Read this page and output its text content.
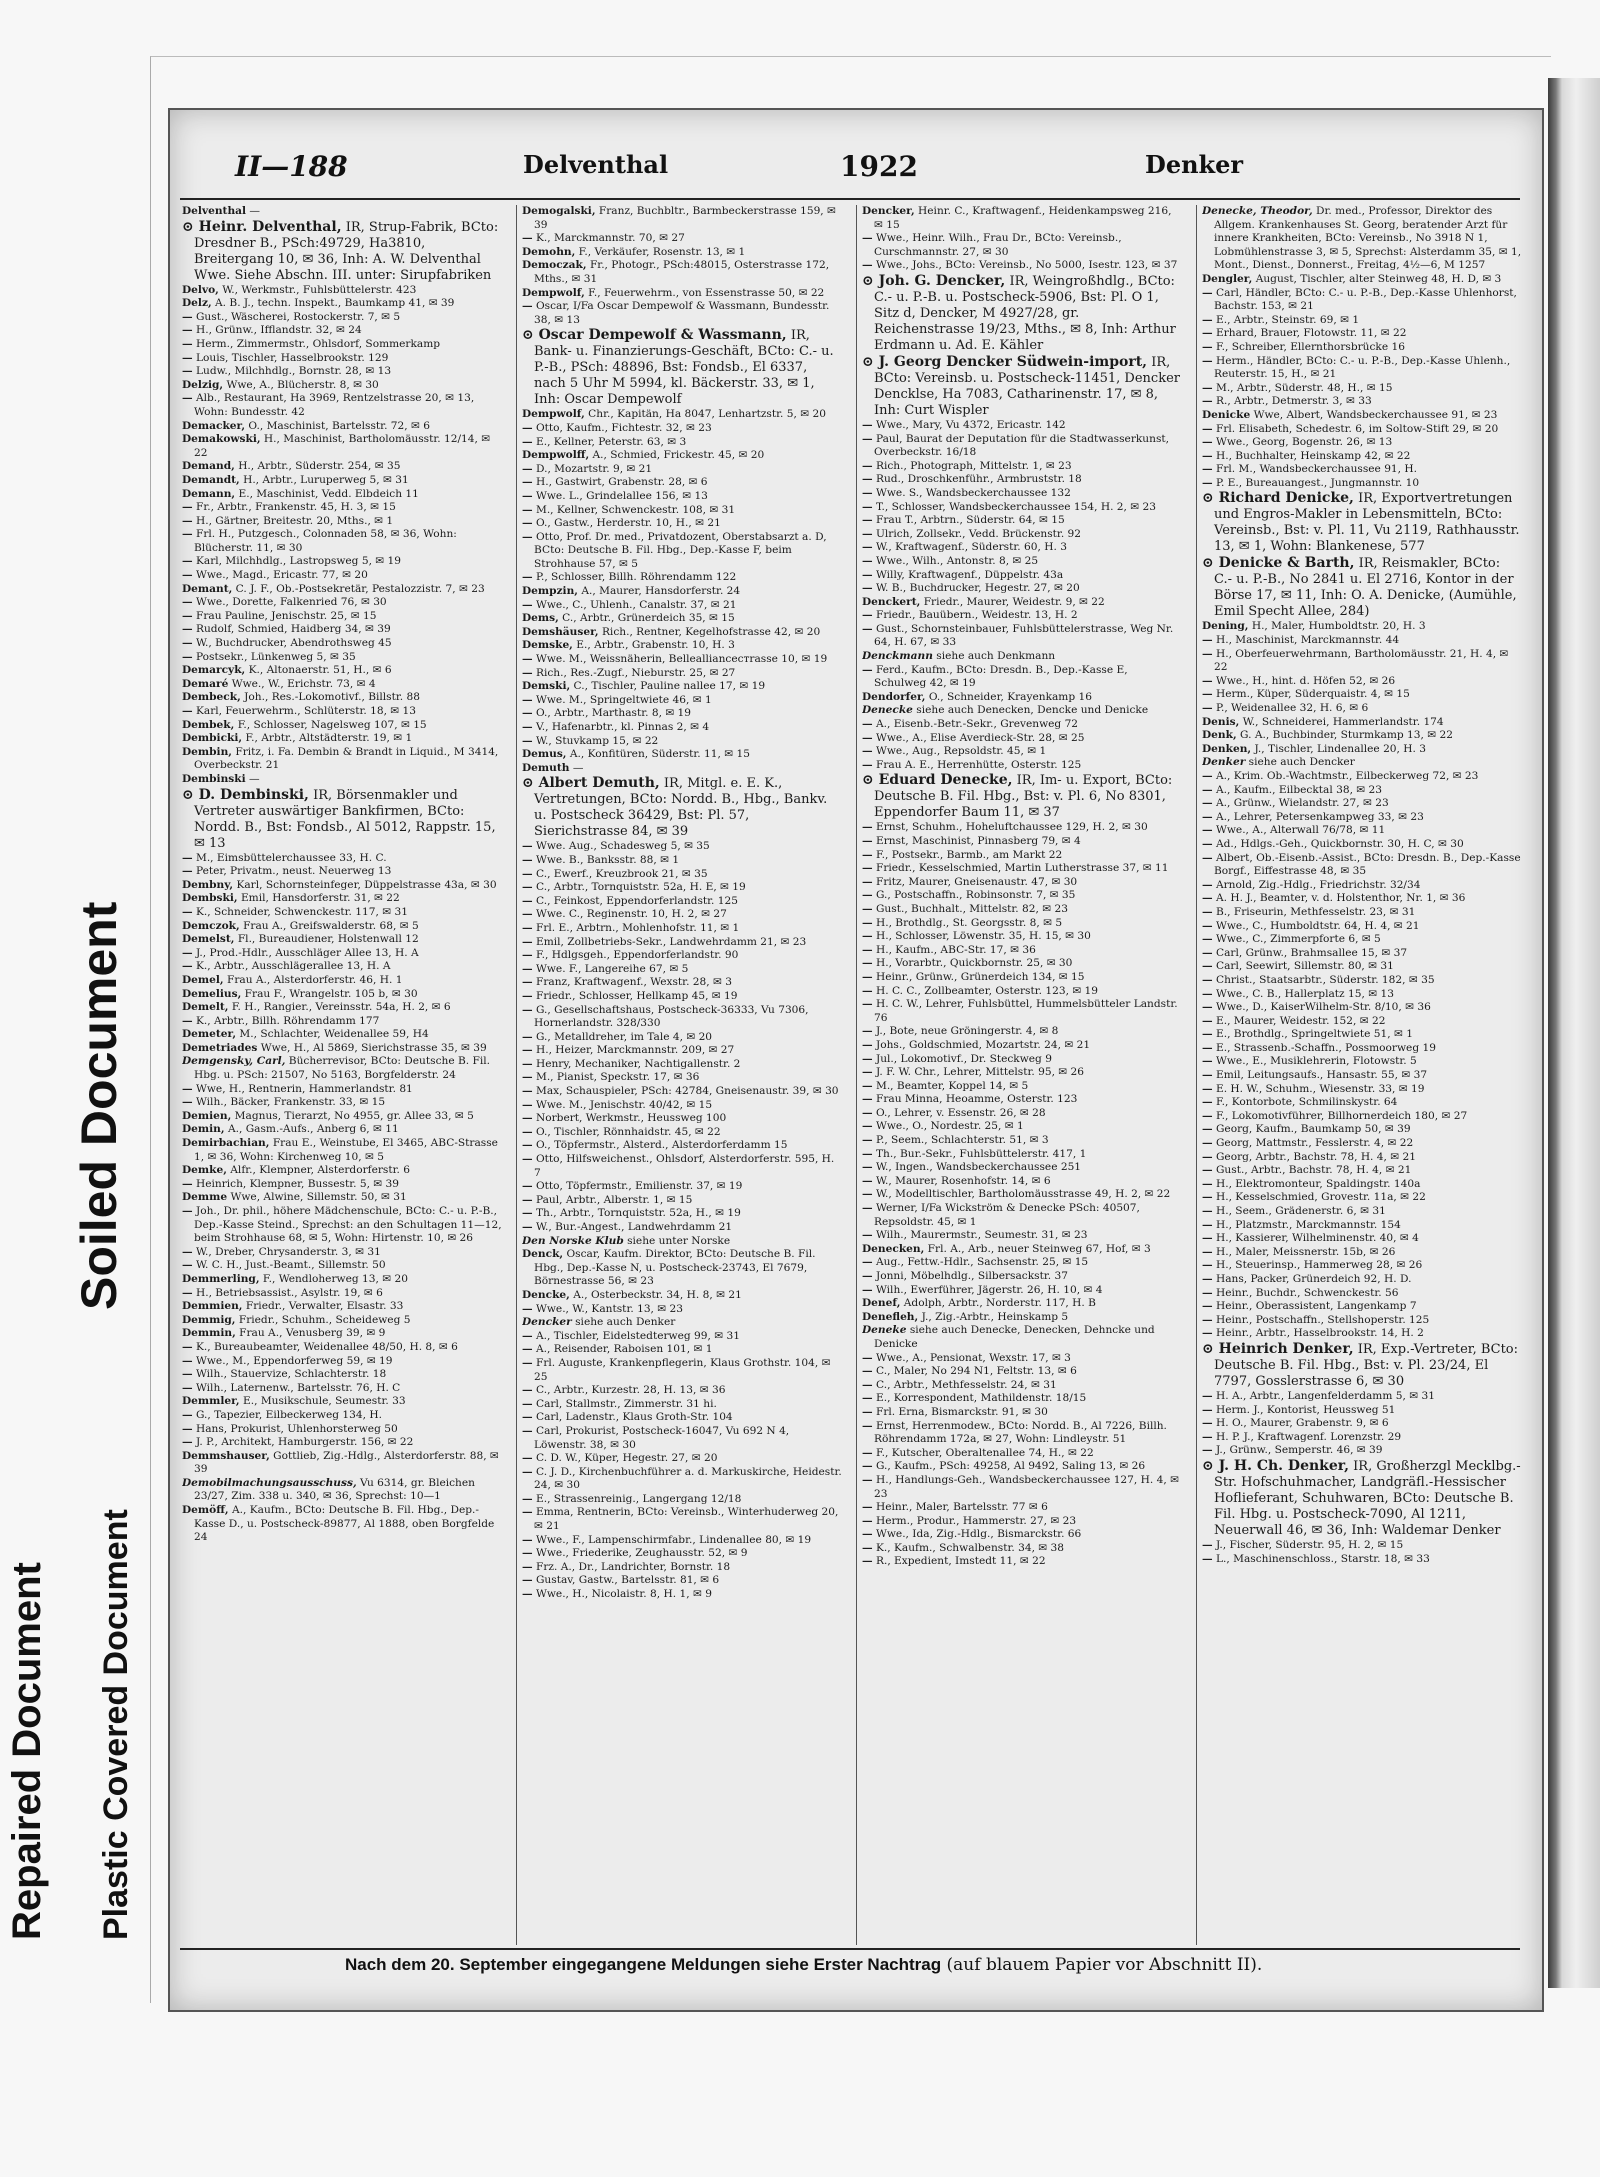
Soiled Document
Repaired Document Plastic Covered Document
II—188	Delventhal	1922	Denker

Delventhal —

⊙ Heinr. Delventhal, IR, Strup-Fabrik, BCto: Dresdner B., PSch:49729, Ha3810, Breitergang 10, ✉ 36, Inh: A. W. Delventhal Wwe. Siehe Abschn. III. unter: Sirupfabriken

Delvo, W., Werkmstr., Fuhlsbüttelerstr. 423

Delz, A. B. J., techn. Inspekt., Baumkamp 41, ✉ 39

— Gust., Wäscherei, Rostockerstr. 7, ✉ 5

— H., Grünw., Ifflandstr. 32, ✉ 24

— Herm., Zimmermstr., Ohlsdorf, Sommerkamp

— Louis, Tischler, Hasselbrookstr. 129

— Ludw., Milchhdlg., Bornstr. 28, ✉ 13

Delzig, Wwe, A., Blücherstr. 8, ✉ 30

— Alb., Restaurant, Ha 3969, Rentzelstrasse 20, ✉ 13, Wohn: Bundesstr. 42

Demacker, O., Maschinist, Bartelsstr. 72, ✉ 6

Demakowski, H., Maschinist, Bartholomäusstr. 12/14, ✉ 22

Demand, H., Arbtr., Süderstr. 254, ✉ 35

Demandt, H., Arbtr., Luruperweg 5, ✉ 31

Demann, E., Maschinist, Vedd. Elbdeich 11

— Fr., Arbtr., Frankenstr. 45, H. 3, ✉ 15

— H., Gärtner, Breitestr. 20, Mths., ✉ 1

— Frl. H., Putzgesch., Colonnaden 58, ✉ 36, Wohn: Blücherstr. 11, ✉ 30

— Karl, Milchhdlg., Lastropsweg 5, ✉ 19

— Wwe., Magd., Ericastr. 77, ✉ 20

Demant, C. J. F., Ob.-Postsekretär, Pestalozzistr. 7, ✉ 23

— Wwe., Dorette, Falkenried 76, ✉ 30

— Frau Pauline, Jenischstr. 25, ✉ 15

— Rudolf, Schmied, Haidberg 34, ✉ 39

— W., Buchdrucker, Abendrothsweg 45

— Postsekr., Lünkenweg 5, ✉ 35

Demarcyk, K., Altonaerstr. 51, H., ✉ 6

Demaré Wwe., W., Erichstr. 73, ✉ 4

Dembeck, Joh., Res.-Lokomotivf., Billstr. 88

— Karl, Feuerwehrm., Schlüterstr. 18, ✉ 13

Dembek, F., Schlosser, Nagelsweg 107, ✉ 15

Dembicki, F., Arbtr., Altstädterstr. 19, ✉ 1

Dembin, Fritz, i. Fa. Dembin & Brandt in Liquid., M 3414, Overbeckstr. 21

Dembinski —

⊙ D. Dembinski, IR, Börsenmakler und Vertreter auswärtiger Bankfirmen, BCto: Nordd. B., Bst: Fondsb., Al 5012, Rappstr. 15, ✉ 13

— M., Eimsbüttelerchaussee 33, H. C.

— Peter, Privatm., neust. Neuerweg 13

Dembny, Karl, Schornsteinfeger, Düppelstrasse 43a, ✉ 30

Dembski, Emil, Hansdorferstr. 31, ✉ 22

— K., Schneider, Schwenckestr. 117, ✉ 31

Demczok, Frau A., Greifswalderstr. 68, ✉ 5

Demelst, Fl., Bureaudiener, Holstenwall 12

— J., Prod.-Hdlr., Ausschläger Allee 13, H. A

— K., Arbtr., Ausschlägerallee 13, H. A

Demel, Frau A., Alsterdorferstr. 46, H. 1

Demelius, Frau F., Wrangelstr. 105 b, ✉ 30

Demelt, F. H., Rangier., Vereinsstr. 54a, H. 2, ✉ 6

— K., Arbtr., Billh. Röhrendamm 177

Demeter, M., Schlachter, Weidenallee 59, H4

Demetriades Wwe, H., Al 5869, Sierichstrasse 35, ✉ 39

Demgensky, Carl, Bücherrevisor, BCto: Deutsche B. Fil. Hbg. u. PSch: 21507, No 5163, Borgfelderstr. 24

— Wwe, H., Rentnerin, Hammerlandstr. 81

— Wilh., Bäcker, Frankenstr. 33, ✉ 15

Demien, Magnus, Tierarzt, No 4955, gr. Allee 33, ✉ 5

Demin, A., Gasm.-Aufs., Anberg 6, ✉ 11

Demirbachian, Frau E., Weinstube, El 3465, ABC-Strasse 1, ✉ 36, Wohn: Kirchenweg 10, ✉ 5

Demke, Alfr., Klempner, Alsterdorferstr. 6

— Heinrich, Klempner, Bussestr. 5, ✉ 39

Demme Wwe, Alwine, Sillemstr. 50, ✉ 31

— Joh., Dr. phil., höhere Mädchenschule, BCto: C.- u. P.-B., Dep.-Kasse Steind., Sprechst: an den Schultagen 11—12, beim Strohhause 68, ✉ 5, Wohn: Hirtenstr. 10, ✉ 26

— W., Dreber, Chrysanderstr. 3, ✉ 31

— W. C. H., Just.-Beamt., Sillemstr. 50

Demmerling, F., Wendloherweg 13, ✉ 20

— H., Betriebsassist., Asylstr. 19, ✉ 6

Demmien, Friedr., Verwalter, Elsastr. 33

Demmig, Friedr., Schuhm., Scheideweg 5

Demmin, Frau A., Venusberg 39, ✉ 9

— K., Bureaubeamter, Weidenallee 48/50, H. 8, ✉ 6

— Wwe., M., Eppendorferweg 59, ✉ 19

— Wilh., Stauervize, Schlachterstr. 18

— Wilh., Laternenw., Bartelsstr. 76, H. C

Demmler, E., Musikschule, Seumestr. 33

— G., Tapezier, Eilbeckerweg 134, H.

— Hans, Prokurist, Uhlenhorsterweg 50

— J. P., Architekt, Hamburgerstr. 156, ✉ 22

Demmshauser, Gottlieb, Zig.-Hdlg., Alsterdorferstr. 88, ✉ 39

Demobilmachungsausschuss, Vu 6314, gr. Bleichen 23/27, Zim. 338 u. 340, ✉ 36, Sprechst: 10—1

Demöff, A., Kaufm., BCto: Deutsche B. Fil. Hbg., Dep.-Kasse D., u. Postscheck-89877, Al 1888, oben Borgfelde 24

Demogalski, Franz, Buchbltr., Barmbeckerstrasse 159, ✉ 39

— K., Marckmannstr. 70, ✉ 27

Demohn, F., Verkäufer, Rosenstr. 13, ✉ 1

Democzak, Fr., Photogr., PSch:48015, Osterstrasse 172, Mths., ✉ 31

Dempwolf, F., Feuerwehrm., von Essenstrasse 50, ✉ 22

— Oscar, I/Fa Oscar Dempewolf & Wassmann, Bundesstr. 38, ✉ 13

⊙ Oscar Dempewolf & Wassmann, IR, Bank- u. Finanzierungs-Geschäft, BCto: C.- u. P.-B., PSch: 48896, Bst: Fondsb., El 6337, nach 5 Uhr M 5994, kl. Bäckerstr. 33, ✉ 1, Inh: Oscar Dempewolf

Dempwolf, Chr., Kapitän, Ha 8047, Lenhartzstr. 5, ✉ 20

— Otto, Kaufm., Fichtestr. 32, ✉ 23

— E., Kellner, Peterstr. 63, ✉ 3

Dempwolff, A., Schmied, Frickestr. 45, ✉ 20

— D., Mozartstr. 9, ✉ 21

— H., Gastwirt, Grabenstr. 28, ✉ 6

— Wwe. L., Grindelallee 156, ✉ 13

— M., Kellner, Schwenckestr. 108, ✉ 31

— O., Gastw., Herderstr. 10, H., ✉ 21

— Otto, Prof. Dr. med., Privatdozent, Oberstabsarzt a. D, BCto: Deutsche B. Fil. Hbg., Dep.-Kasse F, beim Strohhause 57, ✉ 5

— P., Schlosser, Billh. Röhrendamm 122

Dempzin, A., Maurer, Hansdorferstr. 24

— Wwe., C., Uhlenh., Canalstr. 37, ✉ 21

Dems, C., Arbtr., Grünerdeich 35, ✉ 15

Demshäuser, Rich., Rentner, Kegelhofstrasse 42, ✉ 20

Demske, E., Arbtr., Grabenstr. 10, H. 3

— Wwe. M., Weissnäherin, Belleallianceстrasse 10, ✉ 19

— Rich., Res.-Zugf., Nieburstr. 25, ✉ 27

Demski, C., Tischler, Pauline nallee 17, ✉ 19

— Wwe. M., Springeltwiete 46, ✉ 1

— O., Arbtr., Marthastr. 8, ✉ 19

— V., Hafenarbtr., kl. Pinnas 2, ✉ 4

— W., Stuvkamp 15, ✉ 22

Demus, A., Konfitüren, Süderstr. 11, ✉ 15

Demuth —

⊙ Albert Demuth, IR, Mitgl. e. E. K., Vertretungen, BCto: Nordd. B., Hbg., Bankv. u. Postscheck 36429, Bst: Pl. 57, Sierichstrasse 84, ✉ 39

— Wwe. Aug., Schadesweg 5, ✉ 35

— Wwe. B., Banksstr. 88, ✉ 1

— C., Ewerf., Kreuzbrook 21, ✉ 35

— C., Arbtr., Tornquiststr. 52a, H. E, ✉ 19

— C., Feinkost, Eppendorferlandstr. 125

— Wwe. C., Reginenstr. 10, H. 2, ✉ 27

— Frl. E., Arbtrn., Mohlenhofstr. 11, ✉ 1

— Emil, Zollbetriebs-Sekr., Landwehrdamm 21, ✉ 23

— F., Hdlgsgeh., Eppendorferlandstr. 90

— Wwe. F., Langereihe 67, ✉ 5

— Franz, Kraftwagenf., Wexstr. 28, ✉ 3

— Friedr., Schlosser, Hellkamp 45, ✉ 19

— G., Gesellschaftshaus, Postscheck-36333, Vu 7306, Hornerlandstr. 328/330

— G., Metalldreher, im Tale 4, ✉ 20

— H., Heizer, Marckmannstr. 209, ✉ 27

— Henry, Mechaniker, Nachtigallenstr. 2

— M., Pianist, Speckstr. 17, ✉ 36

— Max, Schauspieler, PSch: 42784, Gneisenaustr. 39, ✉ 30

— Wwe. M., Jenischstr. 40/42, ✉ 15

— Norbert, Werkmstr., Heussweg 100

— O., Tischler, Rönnhaidstr. 45, ✉ 22

— O., Töpfermstr., Alsterd., Alsterdorferdamm 15

— Otto, Hilfsweichenst., Ohlsdorf, Alsterdorferstr. 595, H. 7

— Otto, Töpfermstr., Emilienstr. 37, ✉ 19

— Paul, Arbtr., Alberstr. 1, ✉ 15

— Th., Arbtr., Tornquiststr. 52a, H., ✉ 19

— W., Bur.-Angest., Landwehrdamm 21

Den Norske Klub siehe unter Norske

Denck, Oscar, Kaufm. Direktor, BCto: Deutsche B. Fil. Hbg., Dep.-Kasse N, u. Postscheck-23743, El 7679, Börnestrasse 56, ✉ 23

Dencke, A., Osterbeckstr. 34, H. 8, ✉ 21

— Wwe., W., Kantstr. 13, ✉ 23

Dencker siehe auch Denker

— A., Tischler, Eidelstedterweg 99, ✉ 31

— A., Reisender, Raboisen 101, ✉ 1

— Frl. Auguste, Krankenpflegerin, Klaus Grothstr. 104, ✉ 25

— C., Arbtr., Kurzestr. 28, H. 13, ✉ 36

— Carl, Stallmstr., Zimmerstr. 31 hi.

— Carl, Ladenstr., Klaus Groth-Str. 104

— Carl, Prokurist, Postscheck-16047, Vu 692 N 4, Löwenstr. 38, ✉ 30

— C. D. W., Küper, Hegestr. 27, ✉ 20

— C. J. D., Kirchenbuchführer a. d. Markuskirche, Heidestr. 24, ✉ 30

— E., Strassenreinig., Langergang 12/18

— Emma, Rentnerin, BCto: Vereinsb., Winterhuderweg 20, ✉ 21

— Wwe., F., Lampenschirmfabr., Lindenallee 80, ✉ 19

— Wwe., Friederike, Zeughausstr. 52, ✉ 9

— Frz. A., Dr., Landrichter, Bornstr. 18

— Gustav, Gastw., Bartelsstr. 81, ✉ 6

— Wwe., H., Nicolaistr. 8, H. 1, ✉ 9

Dencker, Heinr. C., Kraftwagenf., Heidenkampsweg 216, ✉ 15

— Wwe., Heinr. Wilh., Frau Dr., BCto: Vereinsb., Curschmannstr. 27, ✉ 30

— Wwe., Johs., BCto: Vereinsb., No 5000, Isestr. 123, ✉ 37

⊙ Joh. G. Dencker, IR, Weingroßhdlg., BCto: C.- u. P.-B. u. Postscheck-5906, Bst: Pl. O 1, Sitz d, Dencker, M 4927/28, gr. Reichenstrasse 19/23, Mths., ✉ 8, Inh: Arthur Erdmann u. Ad. E. Kähler

⊙ J. Georg Dencker Südwein-import, IR, BCto: Vereinsb. u. Postscheck-11451, Dencker Dencklse, Ha 7083, Catharinenstr. 17, ✉ 8, Inh: Curt Wispler

— Wwe., Mary, Vu 4372, Ericastr. 142

— Paul, Baurat der Deputation für die Stadtwasserkunst, Overbeckstr. 16/18

— Rich., Photograph, Mittelstr. 1, ✉ 23

— Rud., Droschkenführ., Armbruststr. 18

— Wwe. S., Wandsbeckerchaussee 132

— T., Schlosser, Wandsbeckerchaussee 154, H. 2, ✉ 23

— Frau T., Arbtrn., Süderstr. 64, ✉ 15

— Ulrich, Zollsekr., Vedd. Brückenstr. 92

— W., Kraftwagenf., Süderstr. 60, H. 3

— Wwe., Wilh., Antonstr. 8, ✉ 25

— Willy, Kraftwagenf., Düppelstr. 43a

— W. B., Buchdrucker, Hegestr. 27, ✉ 20

Denckert, Friedr., Maurer, Weidestr. 9, ✉ 22

— Friedr., Bauübern., Weidestr. 13, H. 2

— Gust., Schornsteinbauer, Fuhlsbüttelerstrasse, Weg Nr. 64, H. 67, ✉ 33

Denckmann siehe auch Denkmann

— Ferd., Kaufm., BCto: Dresdn. B., Dep.-Kasse E, Schulweg 42, ✉ 19

Dendorfer, O., Schneider, Krayenkamp 16

Denecke siehe auch Denecken, Dencke und Denicke

— A., Eisenb.-Betr.-Sekr., Grevenweg 72

— Wwe., A., Elise Averdieck-Str. 28, ✉ 25

— Wwe., Aug., Repsoldstr. 45, ✉ 1

— Frau A. E., Herrenhütte, Osterstr. 125

⊙ Eduard Denecke, IR, Im- u. Export, BCto: Deutsche B. Fil. Hbg., Bst: v. Pl. 6, No 8301, Eppendorfer Baum 11, ✉ 37

— Ernst, Schuhm., Hoheluftchaussee 129, H. 2, ✉ 30

— Ernst, Maschinist, Pinnasberg 79, ✉ 4

— F., Postsekr., Barmb., am Markt 22

— Friedr., Kesselschmied, Martin Lutherstrasse 37, ✉ 11

— Fritz, Maurer, Gneisenaustr. 47, ✉ 30

— G., Postschaffn., Robinsonstr. 7, ✉ 35

— Gust., Buchhalt., Mittelstr. 82, ✉ 23

— H., Brothdlg., St. Georgsstr. 8, ✉ 5

— H., Schlosser, Löwenstr. 35, H. 15, ✉ 30

— H., Kaufm., ABC-Str. 17, ✉ 36

— H., Vorarbtr., Quickbornstr. 25, ✉ 30

— Heinr., Grünw., Grünerdeich 134, ✉ 15

— H. C. C., Zollbeamter, Osterstr. 123, ✉ 19

— H. C. W., Lehrer, Fuhlsbüttel, Hummelsbütteler Landstr. 76

— J., Bote, neue Gröningerstr. 4, ✉ 8

— Johs., Goldschmied, Mozartstr. 24, ✉ 21

— Jul., Lokomotivf., Dr. Steckweg 9

— J. F. W. Chr., Lehrer, Mittelstr. 95, ✉ 26

— M., Beamter, Koppel 14, ✉ 5

— Frau Minna, Heoamme, Osterstr. 123

— O., Lehrer, v. Essenstr. 26, ✉ 28

— Wwe., O., Nordestr. 25, ✉ 1

— P., Seem., Schlachterstr. 51, ✉ 3

— Th., Bur.-Sekr., Fuhlsbüttelerstr. 417, 1

— W., Ingen., Wandsbeckerchaussee 251

— W., Maurer, Rosenhofstr. 14, ✉ 6

— W., Modelltischler, Bartholomäusstrasse 49, H. 2, ✉ 22

— Werner, I/Fa Wickström & Denecke PSch: 40507, Repsoldstr. 45, ✉ 1

— Wilh., Maurermstr., Seumestr. 31, ✉ 23

Denecken, Frl. A., Arb., neuer Steinweg 67, Hof, ✉ 3

— Aug., Fettw.-Hdlr., Sachsenstr. 25, ✉ 15

— Jonni, Möbelhdlg., Silbersackstr. 37

— Wilh., Ewerführer, Jägerstr. 26, H. 10, ✉ 4

Denef, Adolph, Arbtr., Norderstr. 117, H. B

Denefleh, J., Zig.-Arbtr., Heinskamp 5

Deneke siehe auch Denecke, Denecken, Dehncke und Denicke

— Wwe., A., Pensionat, Wexstr. 17, ✉ 3

— C., Maler, No 294 N1, Feltstr. 13, ✉ 6

— C., Arbtr., Methfesselstr. 24, ✉ 31

— E., Korrespondent, Mathildenstr. 18/15

— Frl. Erna, Bismarckstr. 91, ✉ 30

— Ernst, Herrenmodew., BCto: Nordd. B., Al 7226, Billh. Röhrendamm 172a, ✉ 27, Wohn: Lindleystr. 51

— F., Kutscher, Oberaltenallee 74, H., ✉ 22

— G., Kaufm., PSch: 49258, Al 9492, Saling 13, ✉ 26

— H., Handlungs-Geh., Wandsbeckerchaussee 127, H. 4, ✉ 23

— Heinr., Maler, Bartelsstr. 77 ✉ 6

— Herm., Produr., Hammerstr. 27, ✉ 23

— Wwe., Ida, Zig.-Hdlg., Bismarckstr. 66

— K., Kaufm., Schwalbenstr. 34, ✉ 38

— R., Expedient, Imstedt 11, ✉ 22

Denecke, Theodor, Dr. med., Professor, Direktor des Allgem. Krankenhauses St. Georg, beratender Arzt für innere Krankheiten, BCto: Vereinsb., No 3918 N 1, Lobmühlenstrasse 3, ✉ 5, Sprechst: Alsterdamm 35, ✉ 1, Mont., Dienst., Donnerst., Freitag, 4½—6, M 1257

Dengler, August, Tischler, alter Steinweg 48, H. D, ✉ 3

— Carl, Händler, BCto: C.- u. P.-B., Dep.-Kasse Uhlenhorst, Bachstr. 153, ✉ 21

— E., Arbtr., Steinstr. 69, ✉ 1

— Erhard, Brauer, Flotowstr. 11, ✉ 22

— F., Schreiber, Ellernthorsbrücke 16

— Herm., Händler, BCto: C.- u. P.-B., Dep.-Kasse Uhlenh., Reuterstr. 15, H., ✉ 21

— M., Arbtr., Süderstr. 48, H., ✉ 15

— R., Arbtr., Detmerstr. 3, ✉ 33

Denicke Wwe, Albert, Wandsbeckerchaussee 91, ✉ 23

— Frl. Elisabeth, Schedestr. 6, im Soltow-Stift 29, ✉ 20

— Wwe., Georg, Bogenstr. 26, ✉ 13

— H., Buchhalter, Heinskamp 42, ✉ 22

— Frl. M., Wandsbeckerchaussee 91, H.

— P. E., Bureauangest., Jungmannstr. 10

⊙ Richard Denicke, IR, Exportvertretungen und Engros-Makler in Lebensmitteln, BCto: Vereinsb., Bst: v. Pl. 11, Vu 2119, Rathhausstr. 13, ✉ 1, Wohn: Blankenese, 577

⊙ Denicke & Barth, IR, Reismakler, BCto: C.- u. P.-B., No 2841 u. El 2716, Kontor in der Börse 17, ✉ 11, Inh: O. A. Denicke, (Aumühle, Emil Specht Allee, 284)

Dening, H., Maler, Humboldtstr. 20, H. 3

— H., Maschinist, Marckmannstr. 44

— H., Oberfeuerwehrmann, Bartholomäusstr. 21, H. 4, ✉ 22

— Wwe., H., hint. d. Höfen 52, ✉ 26

— Herm., Küper, Süderquaistr. 4, ✉ 15

— P., Weidenallee 32, H. 6, ✉ 6

Denis, W., Schneiderei, Hammerlandstr. 174

Denk, G. A., Buchbinder, Sturmkamp 13, ✉ 22

Denken, J., Tischler, Lindenallee 20, H. 3

Denker siehe auch Dencker

— A., Krim. Ob.-Wachtmstr., Eilbeckerweg 72, ✉ 23

— A., Kaufm., Eilbecktal 38, ✉ 23

— A., Grünw., Wielandstr. 27, ✉ 23

— A., Lehrer, Petersenkampweg 33, ✉ 23

— Wwe., A., Alterwall 76/78, ✉ 11

— Ad., Hdlgs.-Geh., Quickbornstr. 30, H. C, ✉ 30

— Albert, Ob.-Eisenb.-Assist., BCto: Dresdn. B., Dep.-Kasse Borgf., Eiffestrasse 48, ✉ 35

— Arnold, Zig.-Hdlg., Friedrichstr. 32/34

— A. H. J., Beamter, v. d. Holstenthor, Nr. 1, ✉ 36

— B., Friseurin, Methfesselstr. 23, ✉ 31

— Wwe., C., Humboldtstr. 64, H. 4, ✉ 21

— Wwe., C., Zimmerpforte 6, ✉ 5

— Carl, Grünw., Brahmsallee 15, ✉ 37

— Carl, Seewirt, Sillemstr. 80, ✉ 31

— Christ., Staatsarbtr., Süderstr. 182, ✉ 35

— Wwe., C. B., Hallerplatz 15, ✉ 13

— Wwe., D., KaiserWilhelm-Str. 8/10, ✉ 36

— E., Maurer, Weidestr. 152, ✉ 22

— E., Brothdlg., Springeltwiete 51, ✉ 1

— E., Strassenb.-Schaffn., Possmoorweg 19

— Wwe., E., Musiklehrerin, Flotowstr. 5

— Emil, Leitungsaufs., Hansastr. 55, ✉ 37

— E. H. W., Schuhm., Wiesenstr. 33, ✉ 19

— F., Kontorbote, Schmilinskystr. 64

— F., Lokomotivführer, Billhornerdeich 180, ✉ 27

— Georg, Kaufm., Baumkamp 50, ✉ 39

— Georg, Mattmstr., Fesslerstr. 4, ✉ 22

— Georg, Arbtr., Bachstr. 78, H. 4, ✉ 21

— Gust., Arbtr., Bachstr. 78, H. 4, ✉ 21

— H., Elektromonteur, Spaldingstr. 140a

— H., Kesselschmied, Grovestr. 11a, ✉ 22

— H., Seem., Grädenerstr. 6, ✉ 31

— H., Platzmstr., Marckmannstr. 154

— H., Kassierer, Wilhelminenstr. 40, ✉ 4

— H., Maler, Meissnerstr. 15b, ✉ 26

— H., Steuerinsp., Hammerweg 28, ✉ 26

— Hans, Packer, Grünerdeich 92, H. D.

— Heinr., Buchdr., Schwenckestr. 56

— Heinr., Oberassistent, Langenkamp 7

— Heinr., Postschaffn., Stellshoperstr. 125

— Heinr., Arbtr., Hasselbrookstr. 14, H. 2

⊙ Heinrich Denker, IR, Exp.-Vertreter, BCto: Deutsche B. Fil. Hbg., Bst: v. Pl. 23/24, El 7797, Gosslerstrasse 6, ✉ 30

— H. A., Arbtr., Langenfelderdamm 5, ✉ 31

— Herm. J., Kontorist, Heussweg 51

— H. O., Maurer, Grabenstr. 9, ✉ 6

— H. P. J., Kraftwagenf. Lorenzstr. 29

— J., Grünw., Semperstr. 46, ✉ 39

⊙ J. H. Ch. Denker, IR, Großherzgl Mecklbg.-Str. Hofschuhmacher, Landgräfl.-Hessischer Hoflieferant, Schuhwaren, BCto: Deutsche B. Fil. Hbg. u. Postscheck-7090, Al 1211, Neuerwall 46, ✉ 36, Inh: Waldemar Denker

— J., Fischer, Süderstr. 95, H. 2, ✉ 15

— L., Maschinenschloss., Starstr. 18, ✉ 33

Nach dem 20. September eingegangene Meldungen siehe Erster Nachtrag (auf blauem Papier vor Abschnitt II).
